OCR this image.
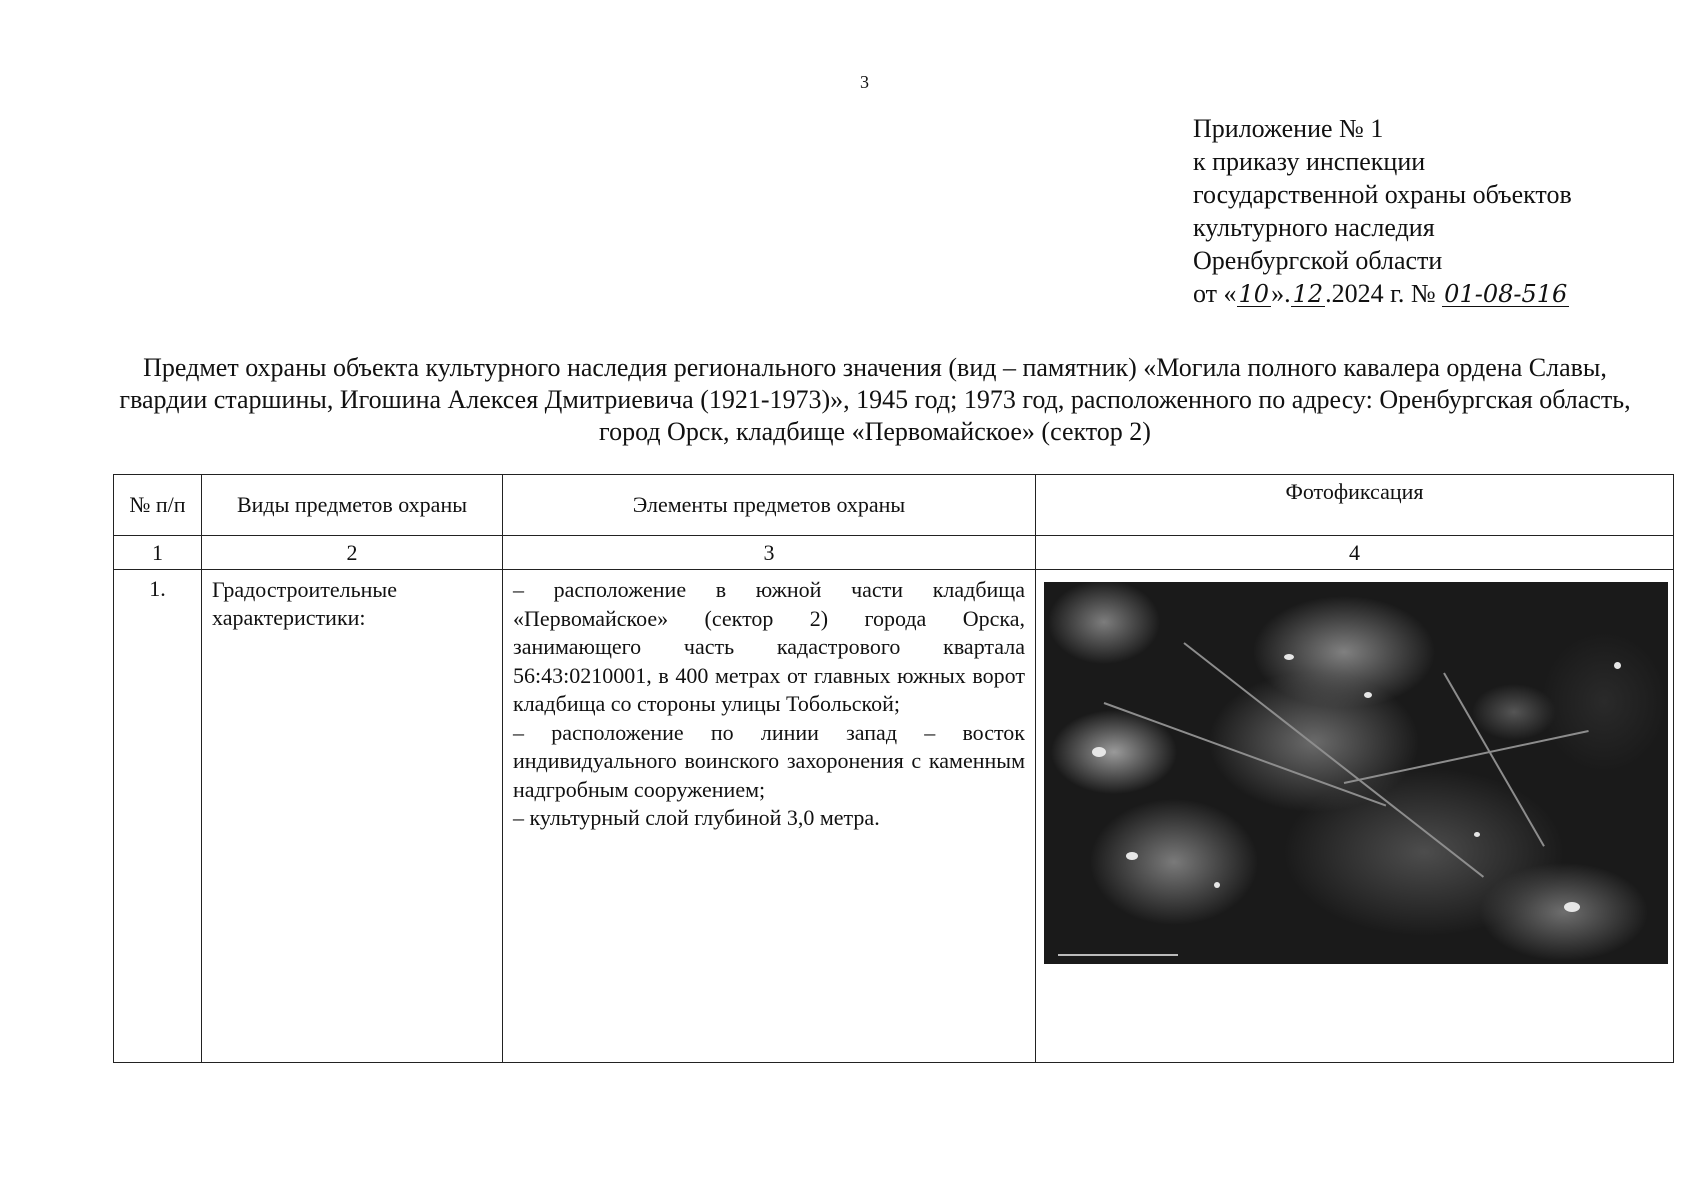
3
Приложение № 1
к приказу инспекции
государственной охраны объектов
культурного наследия
Оренбургской области
от «10».12.2024 г. № 01-08-516
Предмет охраны объекта культурного наследия регионального значения (вид – памятник) «Могила полного кавалера ордена Славы, гвардии старшины, Игошина Алексея Дмитриевича (1921-1973)», 1945 год; 1973 год, расположенного по адресу: Оренбургская область, город Орск, кладбище «Первомайское» (сектор 2)
№ п/п	Виды предметов охраны	Элементы предметов охраны	Фотофиксация
1	2	3	4
1.	Градостроительные характеристики:	– расположение в южной части кладбища «Первомайское» (сектор 2) города Орска, занимающего часть кадастрового квартала 56:43:0210001, в 400 метрах от главных южных ворот кладбища со стороны улицы Тобольской;

– расположение по линии запад – восток индивидуального воинского захоронения с каменным надгробным сооружением;

– культурный слой глубиной 3,0 метра.	
